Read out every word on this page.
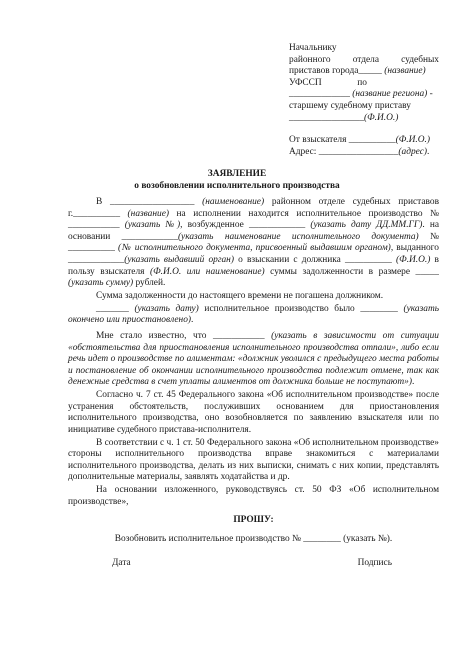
Начальнику
районного отдела судебных
приставов города_____ (название)
УФССП	по
_____________ (название региона) -
старшему судебному приставу
________________(Ф.И.О.)
От взыскателя __________(Ф.И.О.)
Адрес: _________________(адрес).
ЗАЯВЛЕНИЕ
о возобновлении исполнительного производства

В __________________ (наименование) районном отделе судебных приставов г.__________ (название) на исполнении находится исполнительное производство № ___________ (указать №), возбужденное ____________ (указать дату ДД.ММ.ГГ). на основании ____________(указать наименование исполнительного документа) № __________ (№ исполнительного документа, присвоенный выдавшим органом), выданного ____________(указать выдавший орган) о взыскании с должника __________ (Ф.И.О.) в пользу взыскателя (Ф.И.О. или наименование) суммы задолженности в размере _____ (указать сумму) рублей.

Сумма задолженности до настоящего времени не погашена должником.

_______ (указать дату) исполнительное производство было ________ (указать окончено или приостановлено).

Мне стало известно, что ___________ (указать в зависимости от ситуации «обстоятельства для приостановления исполнительного производства отпали», либо если речь идет о производстве по алиментам: «должник уволился с предыдущего места работы и постановление об окончании исполнительного производства подлежит отмене, так как денежные средства в счет уплаты алиментов от должника больше не поступают»).

Согласно ч. 7 ст. 45 Федерального закона «Об исполнительном производстве» после устранения обстоятельств, послуживших основанием для приостановления исполнительного производства, оно возобновляется по заявлению взыскателя или по инициативе судебного пристава-исполнителя.

В соответствии с ч. 1 ст. 50 Федерального закона «Об исполнительном производстве» стороны исполнительного производства вправе знакомиться с материалами исполнительного производства, делать из них выписки, снимать с них копии, представлять дополнительные материалы, заявлять ходатайства и др.

На основании изложенного, руководствуясь ст. 50 ФЗ «Об исполнительном производстве»,

ПРОШУ:
Возобновить исполнительное производство № ________ (указать №).
Дата	Подпись
